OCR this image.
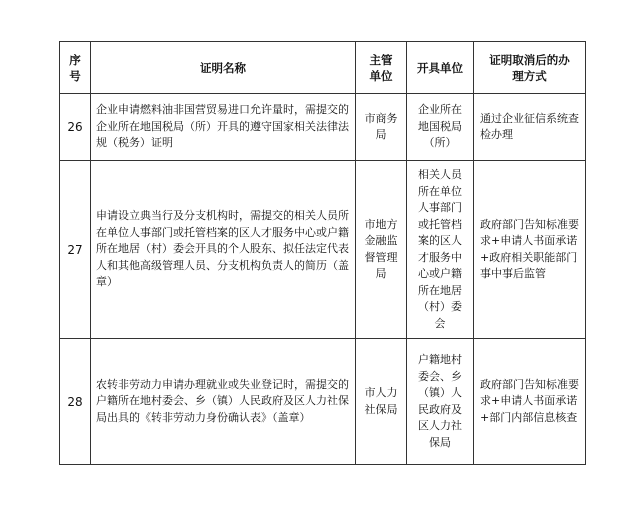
序号	证明名称	主管单位	开具单位	证明取消后的办理方式
26	企业申请燃料油非国营贸易进口允许量时，需提交的企业所在地国税局（所）开具的遵守国家相关法律法规（税务）证明	市商务局	企业所在地国税局（所）	通过企业征信系统查检办理
27	申请设立典当行及分支机构时，需提交的相关人员所在单位人事部门或托管档案的区人才服务中心或户籍所在地居（村）委会开具的个人股东、拟任法定代表人和其他高级管理人员、分支机构负责人的简历（盖章）	市地方金融监督管理局	相关人员所在单位人事部门或托管档案的区人才服务中心或户籍所在地居（村）委会	政府部门告知标准要求+申请人书面承诺+政府相关职能部门事中事后监管
28	农转非劳动力申请办理就业或失业登记时，需提交的户籍所在地村委会、乡（镇）人民政府及区人力社保局出具的《转非劳动力身份确认表》（盖章）	市人力社保局	户籍地村委会、乡（镇）人民政府及区人力社保局	政府部门告知标准要求+申请人书面承诺+部门内部信息核查
